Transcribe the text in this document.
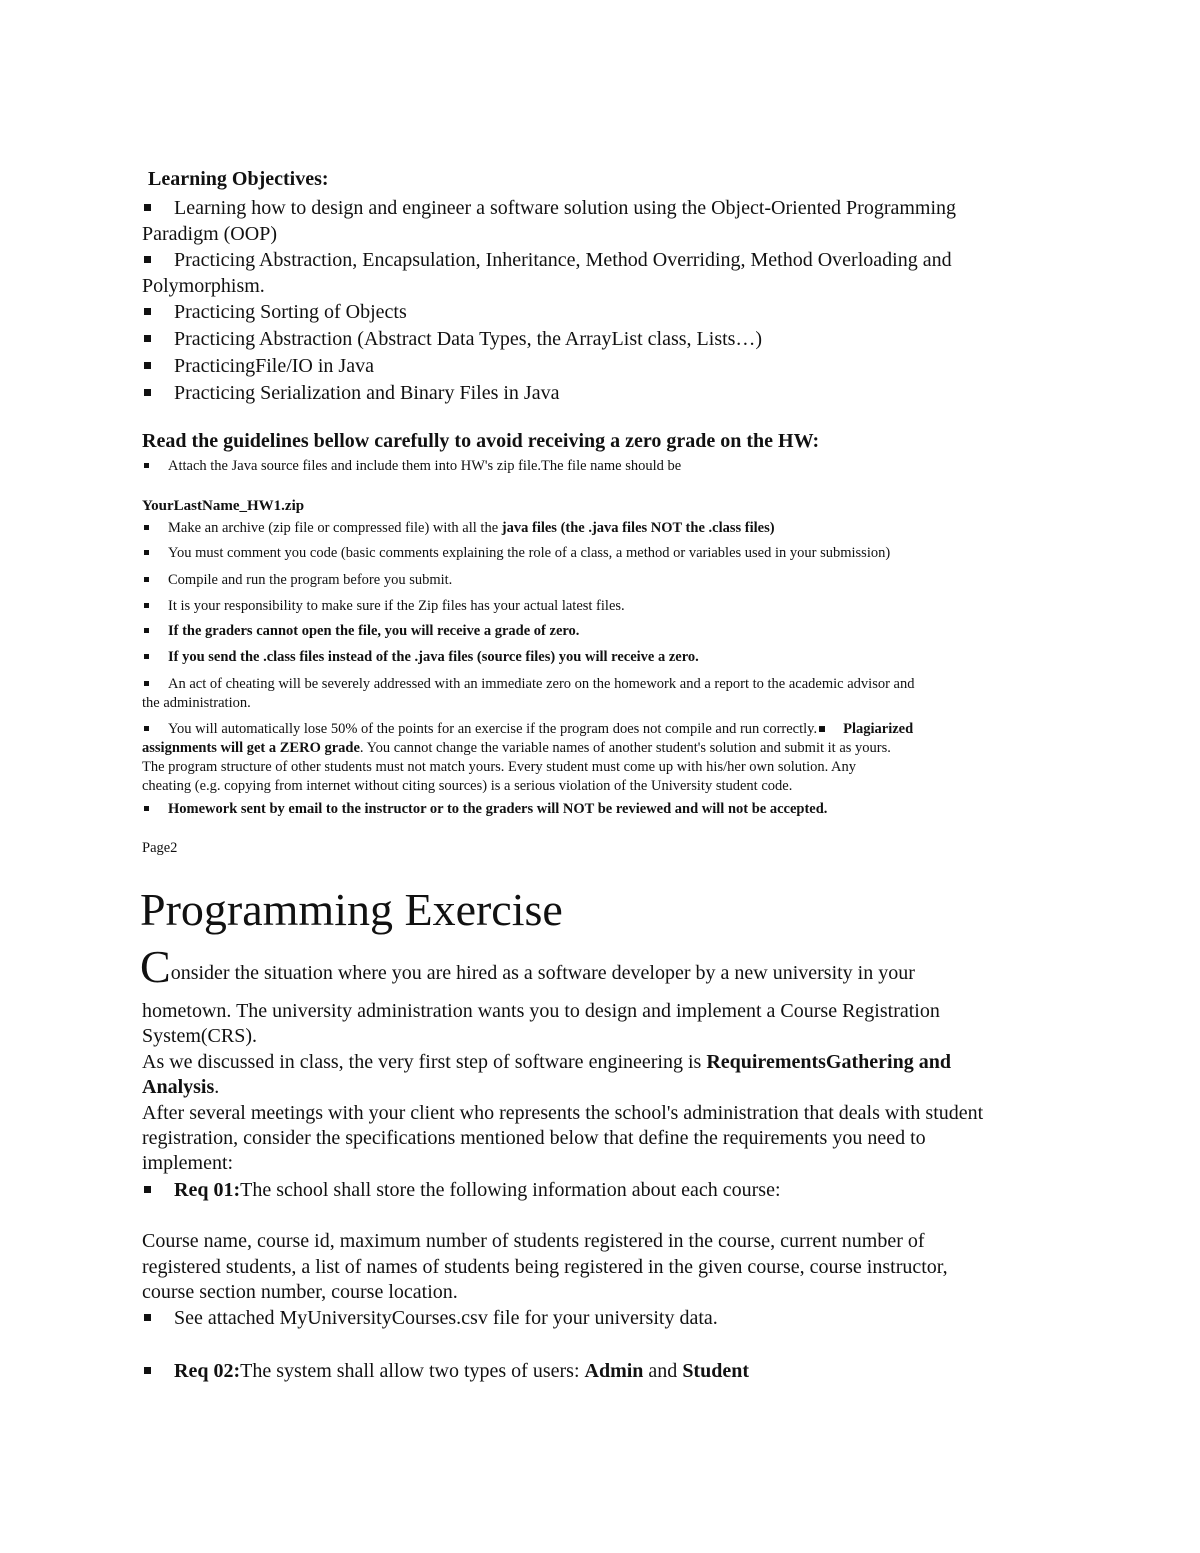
Learning Objectives:
Learning how to design and engineer a software solution using the Object-Oriented Programming
Paradigm (OOP)
Practicing Abstraction, Encapsulation, Inheritance, Method Overriding, Method Overloading and
Polymorphism.
Practicing Sorting of Objects
Practicing Abstraction (Abstract Data Types, the ArrayList class, Lists…)
PracticingFile/IO in Java
Practicing Serialization and Binary Files in Java
Read the guidelines bellow carefully to avoid receiving a zero grade on the HW:
Attach the Java source files and include them into HW's zip file.The file name should be
YourLastName_HW1.zip
Make an archive (zip file or compressed file) with all the java files (the .java files NOT the .class files)
You must comment you code (basic comments explaining the role of a class, a method or variables used in your submission)
Compile and run the program before you submit.
It is your responsibility to make sure if the Zip files has your actual latest files.
If the graders cannot open the file, you will receive a grade of zero.
If you send the .class files instead of the .java files (source files) you will receive a zero.
An act of cheating will be severely addressed with an immediate zero on the homework and a report to the academic advisor and
the administration.
You will automatically lose 50% of the points for an exercise if the program does not compile and run correctly. Plagiarized
assignments will get a ZERO grade. You cannot change the variable names of another student's solution and submit it as yours.
The program structure of other students must not match yours. Every student must come up with his/her own solution. Any
cheating (e.g. copying from internet without citing sources) is a serious violation of the University student code.
Homework sent by email to the instructor or to the graders will NOT be reviewed and will not be accepted.
Page2
Programming Exercise
Consider the situation where you are hired as a software developer by a new university in your
hometown. The university administration wants you to design and implement a Course Registration
System(CRS).
As we discussed in class, the very first step of software engineering is RequirementsGathering and
Analysis.
After several meetings with your client who represents the school's administration that deals with student
registration, consider the specifications mentioned below that define the requirements you need to
implement:
Req 01:The school shall store the following information about each course:
Course name, course id, maximum number of students registered in the course, current number of
registered students, a list of names of students being registered in the given course, course instructor,
course section number, course location.
See attached MyUniversityCourses.csv file for your university data.
Req 02:The system shall allow two types of users: Admin and Student
